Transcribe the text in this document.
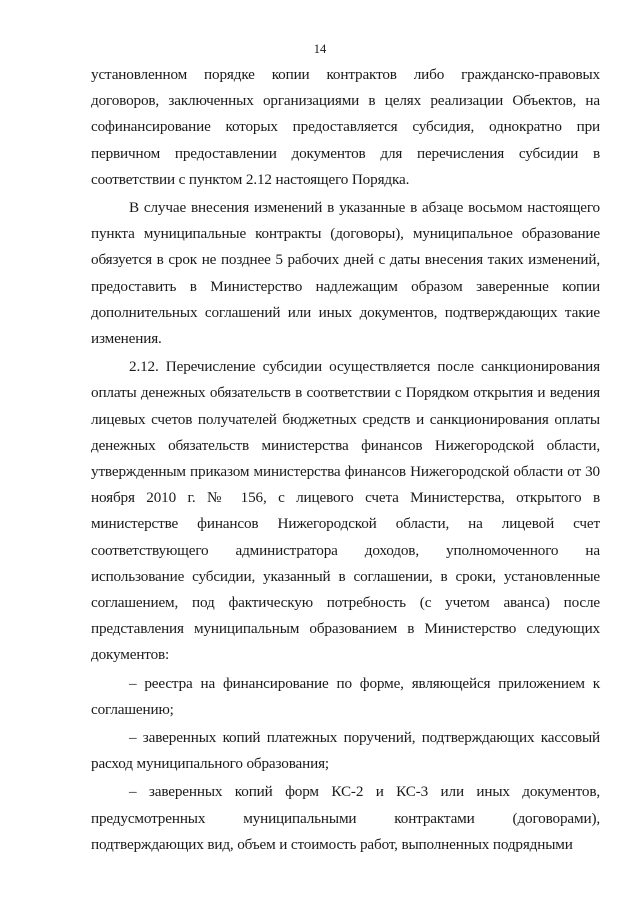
14

установленном порядке копии контрактов либо гражданско-правовых договоров, заключенных организациями в целях реализации Объектов, на софинансирование которых предоставляется субсидия, однократно при первичном предоставлении документов для перечисления субсидии в соответствии с пунктом 2.12 настоящего Порядка.

В случае внесения изменений в указанные в абзаце восьмом настоящего пункта муниципальные контракты (договоры), муниципальное образование обязуется в срок не позднее 5 рабочих дней с даты внесения таких изменений, предоставить в Министерство надлежащим образом заверенные копии дополнительных соглашений или иных документов, подтверждающих такие изменения.

2.12. Перечисление субсидии осуществляется после санкционирования оплаты денежных обязательств в соответствии с Порядком открытия и ведения лицевых счетов получателей бюджетных средств и санкционирования оплаты денежных обязательств министерства финансов Нижегородской области, утвержденным приказом министерства финансов Нижегородской области от 30 ноября 2010 г. № 156, с лицевого счета Министерства, открытого в министерстве финансов Нижегородской области, на лицевой счет соответствующего администратора доходов, уполномоченного на использование субсидии, указанный в соглашении, в сроки, установленные соглашением, под фактическую потребность (с учетом аванса) после представления муниципальным образованием в Министерство следующих документов:

– реестра на финансирование по форме, являющейся приложением к соглашению;

– заверенных копий платежных поручений, подтверждающих кассовый расход муниципального образования;

– заверенных копий форм КС-2 и КС-3 или иных документов, предусмотренных муниципальными контрактами (договорами), подтверждающих вид, объем и стоимость работ, выполненных подрядными
